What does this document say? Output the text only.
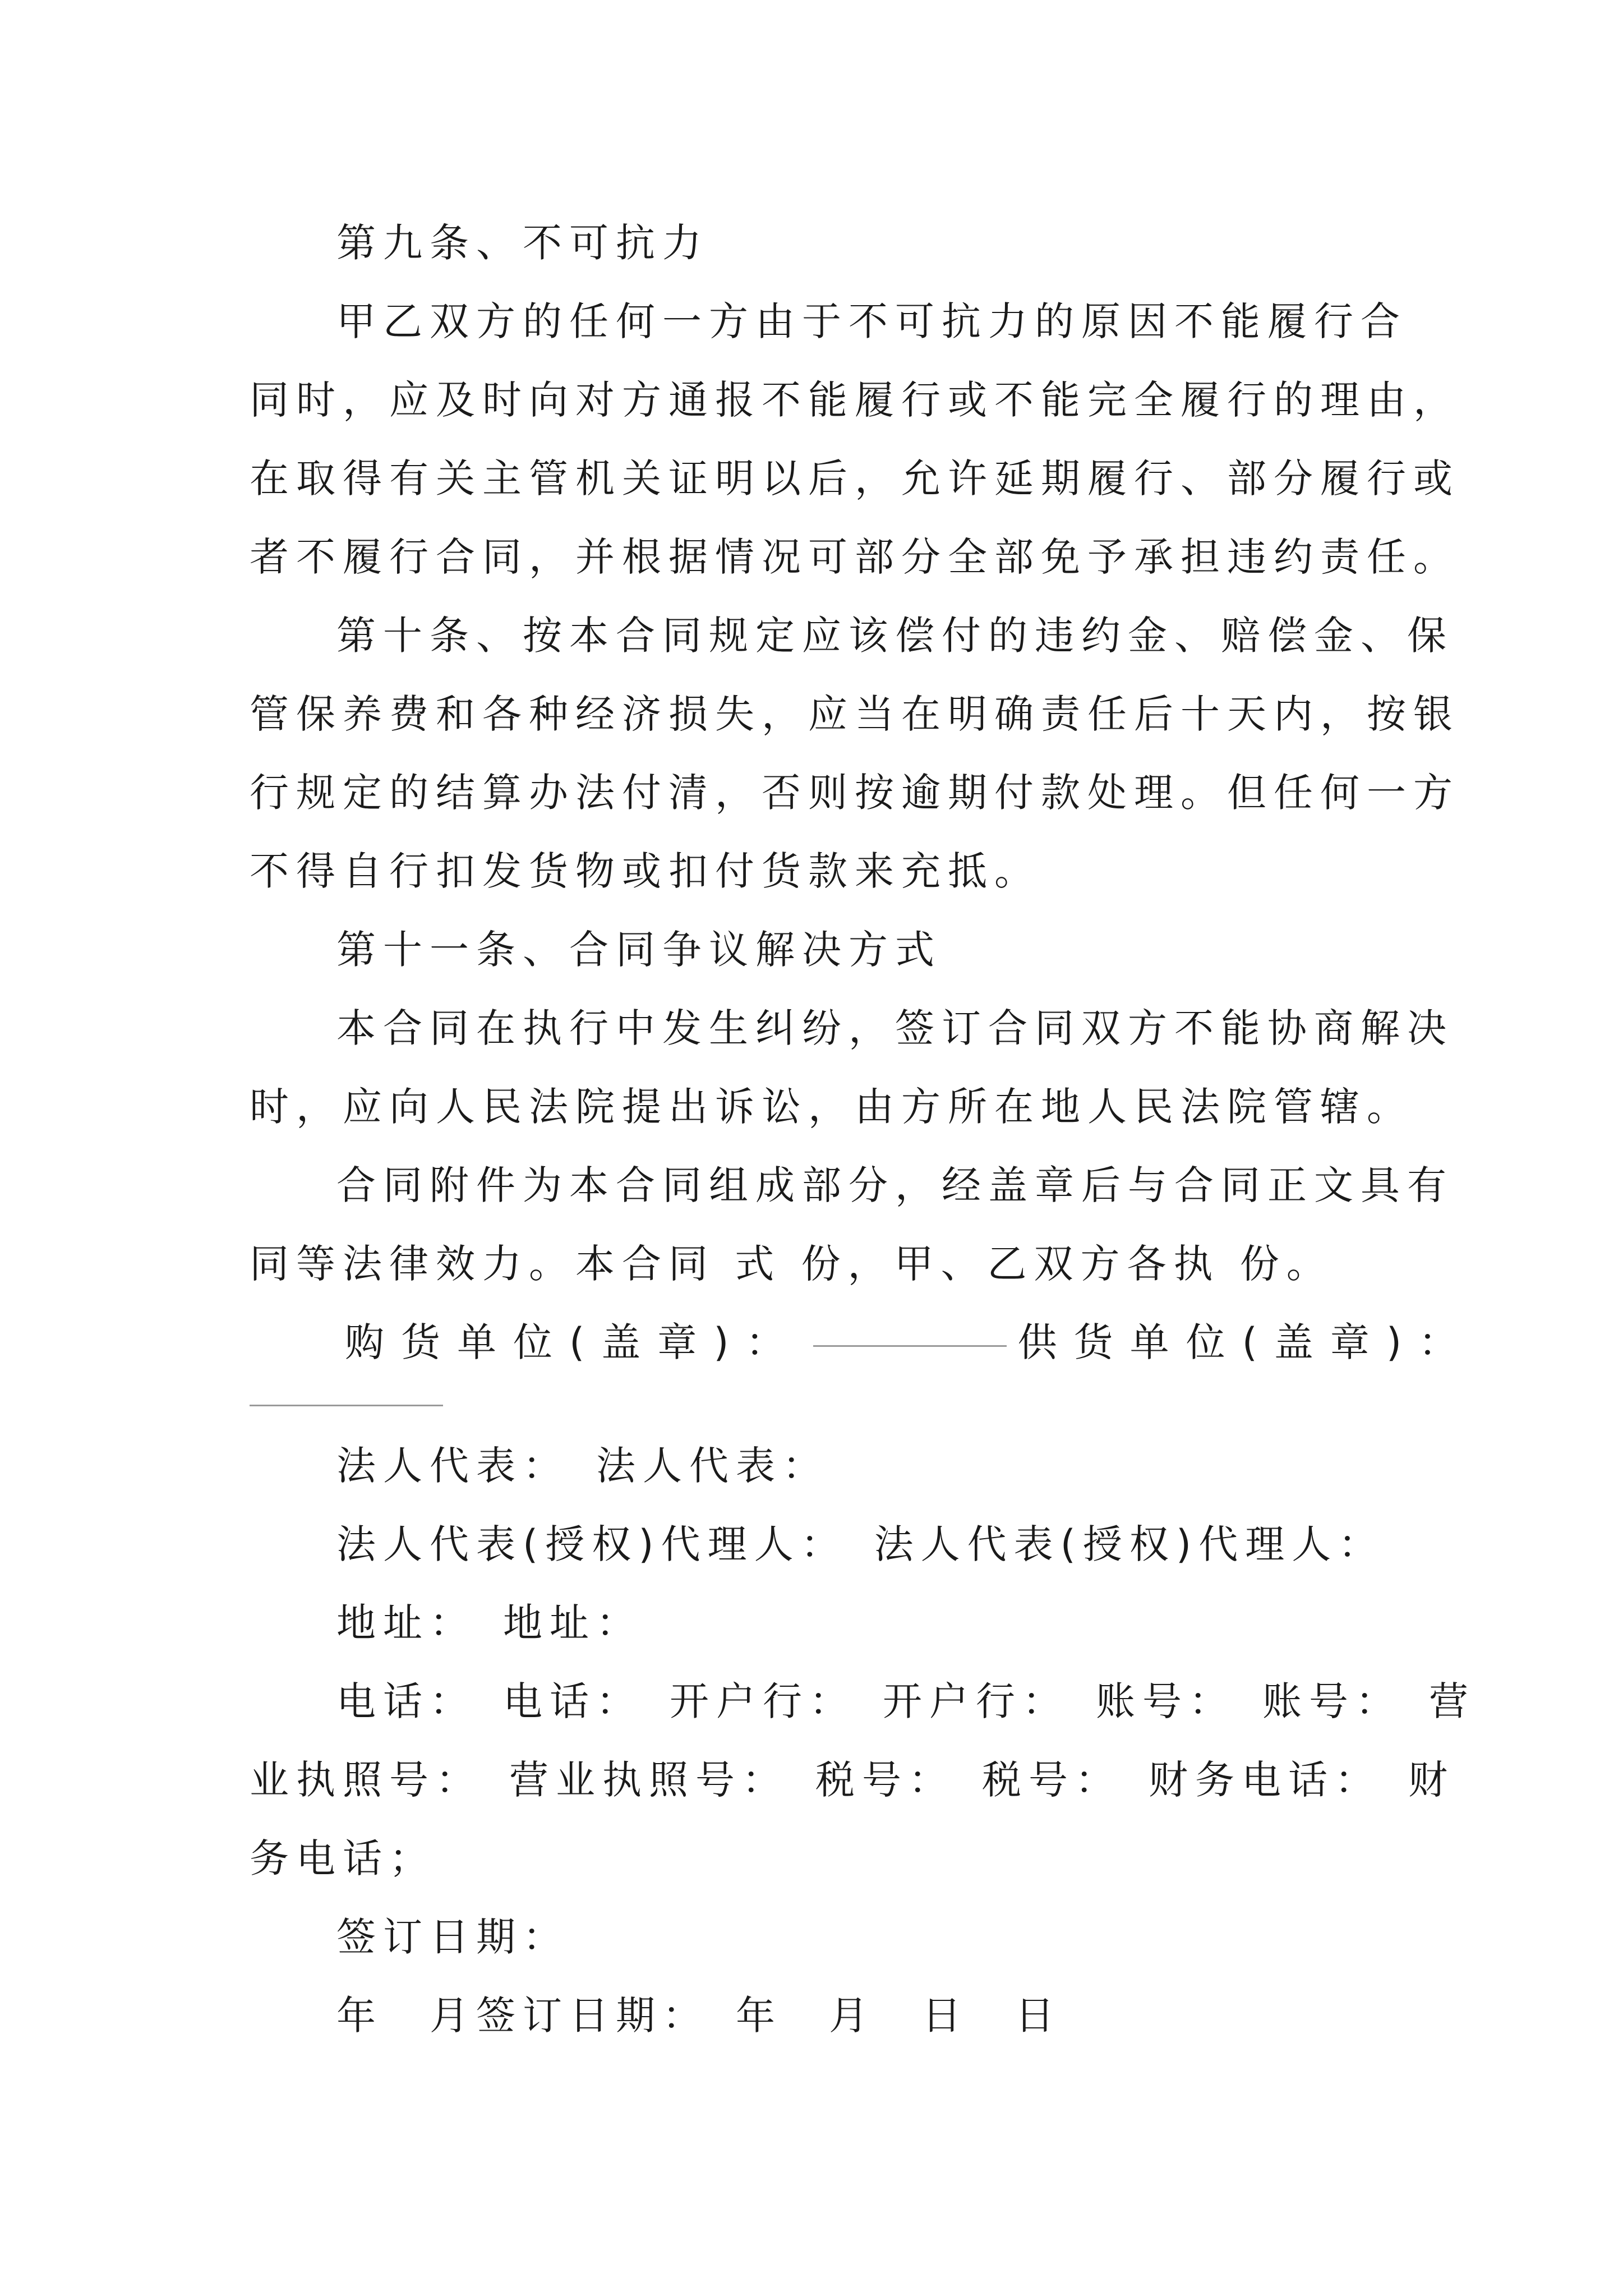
第九条、不可抗力
甲乙双方的任何一方由于不可抗力的原因不能履行合
同时，应及时向对方通报不能履行或不能完全履行的理由，
在取得有关主管机关证明以后，允许延期履行、部分履行或
者不履行合同，并根据情况可部分全部免予承担违约责任。
第十条、按本合同规定应该偿付的违约金、赔偿金、保
管保养费和各种经济损失，应当在明确责任后十天内，按银
行规定的结算办法付清，否则按逾期付款处理。但任何一方
不得自行扣发货物或扣付货款来充抵。
第十一条、合同争议解决方式
本合同在执行中发生纠纷，签订合同双方不能协商解决
时，应向人民法院提出诉讼，由方所在地人民法院管辖。
合同附件为本合同组成部分，经盖章后与合同正文具有
同等法律效力。本合同 式 份，甲、乙双方各执 份。
购货单位(盖章)：	供货单位(盖章)：
法人代表：　法人代表：
法人代表(授权)代理人：　法人代表(授权)代理人：
地址：　地址：
电话：　电话：　开户行：　开户行：　账号：　账号：　营
业执照号：　营业执照号：　税号：　税号：　财务电话：　财
务电话；
签订日期：
年　月签订日期：　年　月　日　日
